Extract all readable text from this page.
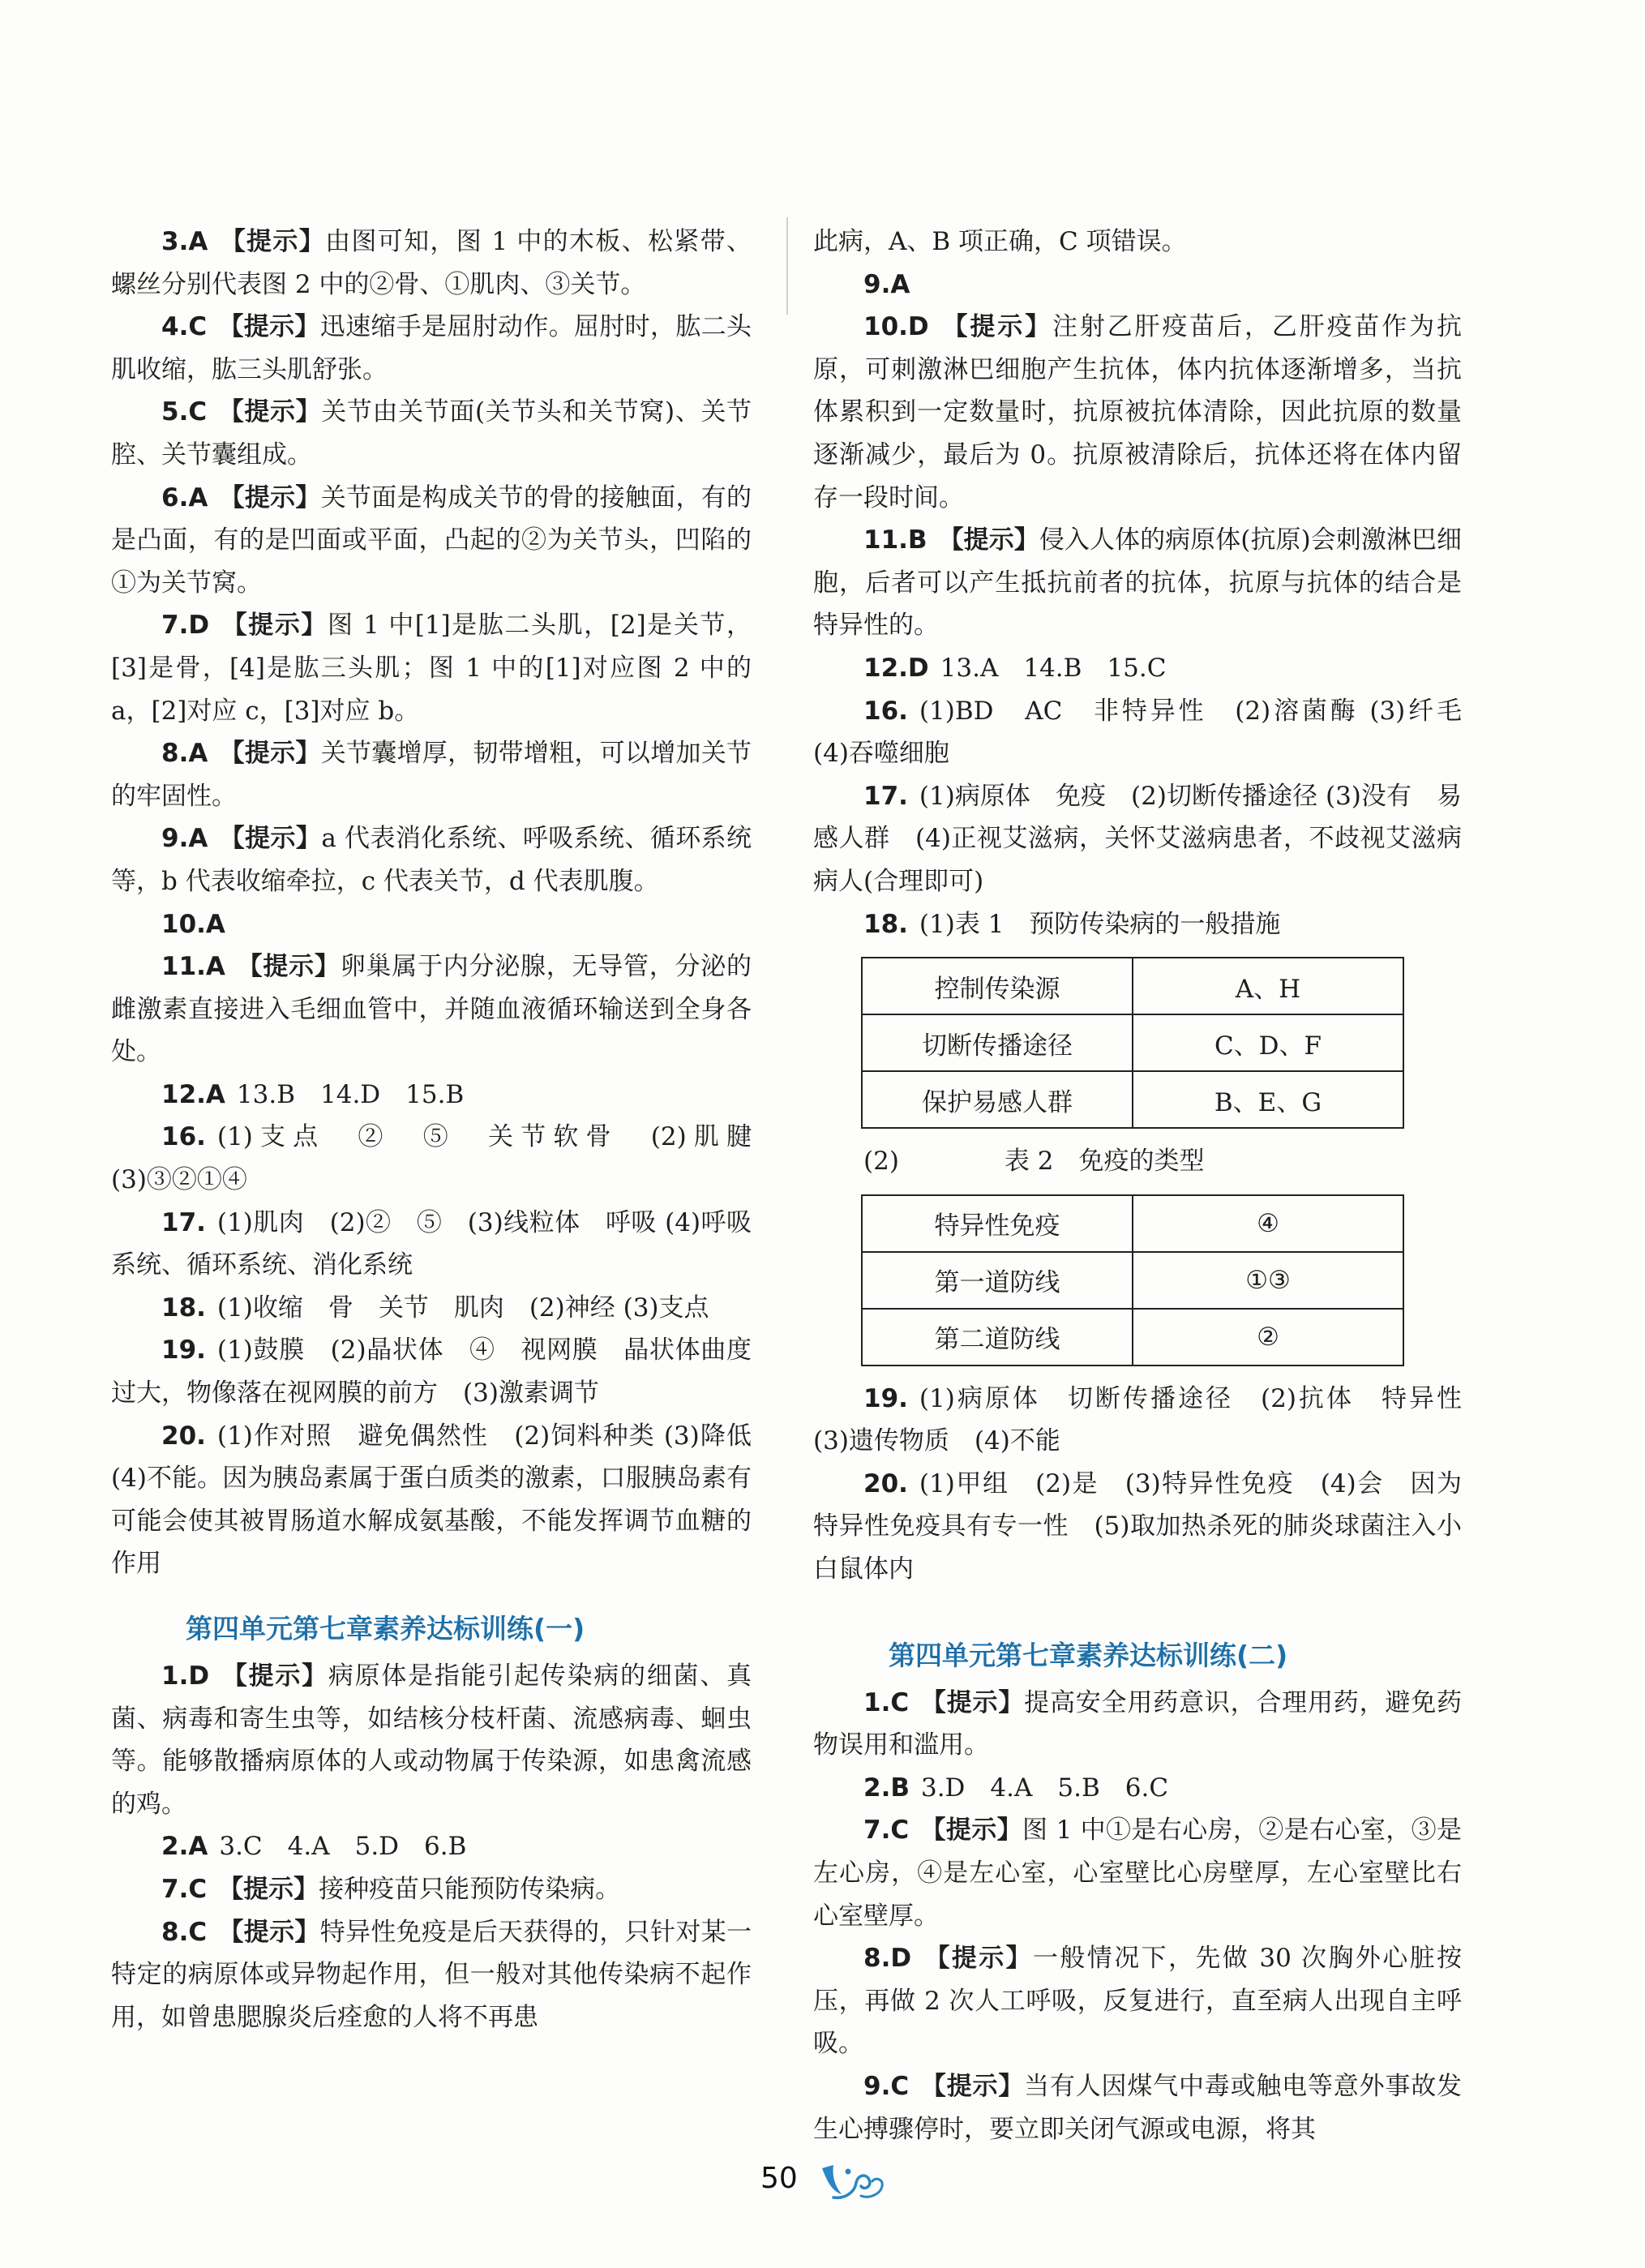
3.A 【提示】由图可知，图 1 中的木板、松紧带、螺丝分别代表图 2 中的②骨、①肌肉、③关节。

4.C 【提示】迅速缩手是屈肘动作。屈肘时，肱二头肌收缩，肱三头肌舒张。

5.C 【提示】关节由关节面(关节头和关节窝)、关节腔、关节囊组成。

6.A 【提示】关节面是构成关节的骨的接触面，有的是凸面，有的是凹面或平面，凸起的②为关节头，凹陷的①为关节窝。

7.D 【提示】图 1 中[1]是肱二头肌，[2]是关节，[3]是骨，[4]是肱三头肌；图 1 中的[1]对应图 2 中的 a，[2]对应 c，[3]对应 b。

8.A 【提示】关节囊增厚，韧带增粗，可以增加关节的牢固性。

9.A 【提示】a 代表消化系统、呼吸系统、循环系统等，b 代表收缩牵拉，c 代表关节，d 代表肌腹。

10.A

11.A 【提示】卵巢属于内分泌腺，无导管，分泌的雌激素直接进入毛细血管中，并随血液循环输送到全身各处。

12.A 13.B　14.D　15.B

16. (1)支点　②　⑤　关节软骨　(2)肌腱 (3)③②①④

17. (1)肌肉　(2)②　⑤　(3)线粒体　呼吸 (4)呼吸系统、循环系统、消化系统

18. (1)收缩　骨　关节　肌肉　(2)神经 (3)支点

19. (1)鼓膜　(2)晶状体　④　视网膜　晶状体曲度过大，物像落在视网膜的前方　(3)激素调节

20. (1)作对照　避免偶然性　(2)饲料种类 (3)降低　(4)不能。因为胰岛素属于蛋白质类的激素，口服胰岛素有可能会使其被胃肠道水解成氨基酸，不能发挥调节血糖的作用

第四单元第七章素养达标训练(一)

1.D 【提示】病原体是指能引起传染病的细菌、真菌、病毒和寄生虫等，如结核分枝杆菌、流感病毒、蛔虫等。能够散播病原体的人或动物属于传染源，如患禽流感的鸡。

2.A 3.C　4.A　5.D　6.B

7.C 【提示】接种疫苗只能预防传染病。

8.C 【提示】特异性免疫是后天获得的，只针对某一特定的病原体或异物起作用，但一般对其他传染病不起作用，如曾患腮腺炎后痊愈的人将不再患

此病，A、B 项正确，C 项错误。

9.A

10.D 【提示】注射乙肝疫苗后，乙肝疫苗作为抗原，可刺激淋巴细胞产生抗体，体内抗体逐渐增多，当抗体累积到一定数量时，抗原被抗体清除，因此抗原的数量逐渐减少，最后为 0。抗原被清除后，抗体还将在体内留存一段时间。

11.B 【提示】侵入人体的病原体(抗原)会刺激淋巴细胞，后者可以产生抵抗前者的抗体，抗原与抗体的结合是特异性的。

12.D 13.A　14.B　15.C

16. (1)BD　AC　非特异性　(2)溶菌酶 (3)纤毛　(4)吞噬细胞

17. (1)病原体　免疫　(2)切断传播途径 (3)没有　易感人群　(4)正视艾滋病，关怀艾滋病患者，不歧视艾滋病病人(合理即可)

18. (1)表 1　预防传染病的一般措施

控制传染源	A、H
切断传播途径	C、D、F
保护易感人群	B、E、G

(2)	表 2　免疫的类型

特异性免疫	④
第一道防线	①③
第二道防线	②

19. (1)病原体　切断传播途径　(2)抗体　特异性　(3)遗传物质　(4)不能

20. (1)甲组　(2)是　(3)特异性免疫　(4)会　因为特异性免疫具有专一性　(5)取加热杀死的肺炎球菌注入小白鼠体内

第四单元第七章素养达标训练(二)

1.C 【提示】提高安全用药意识，合理用药，避免药物误用和滥用。

2.B 3.D　4.A　5.B　6.C

7.C 【提示】图 1 中①是右心房，②是右心室，③是左心房，④是左心室，心室壁比心房壁厚，左心室壁比右心室壁厚。

8.D 【提示】一般情况下，先做 30 次胸外心脏按压，再做 2 次人工呼吸，反复进行，直至病人出现自主呼吸。

9.C 【提示】当有人因煤气中毒或触电等意外事故发生心搏骤停时，要立即关闭气源或电源，将其

50
